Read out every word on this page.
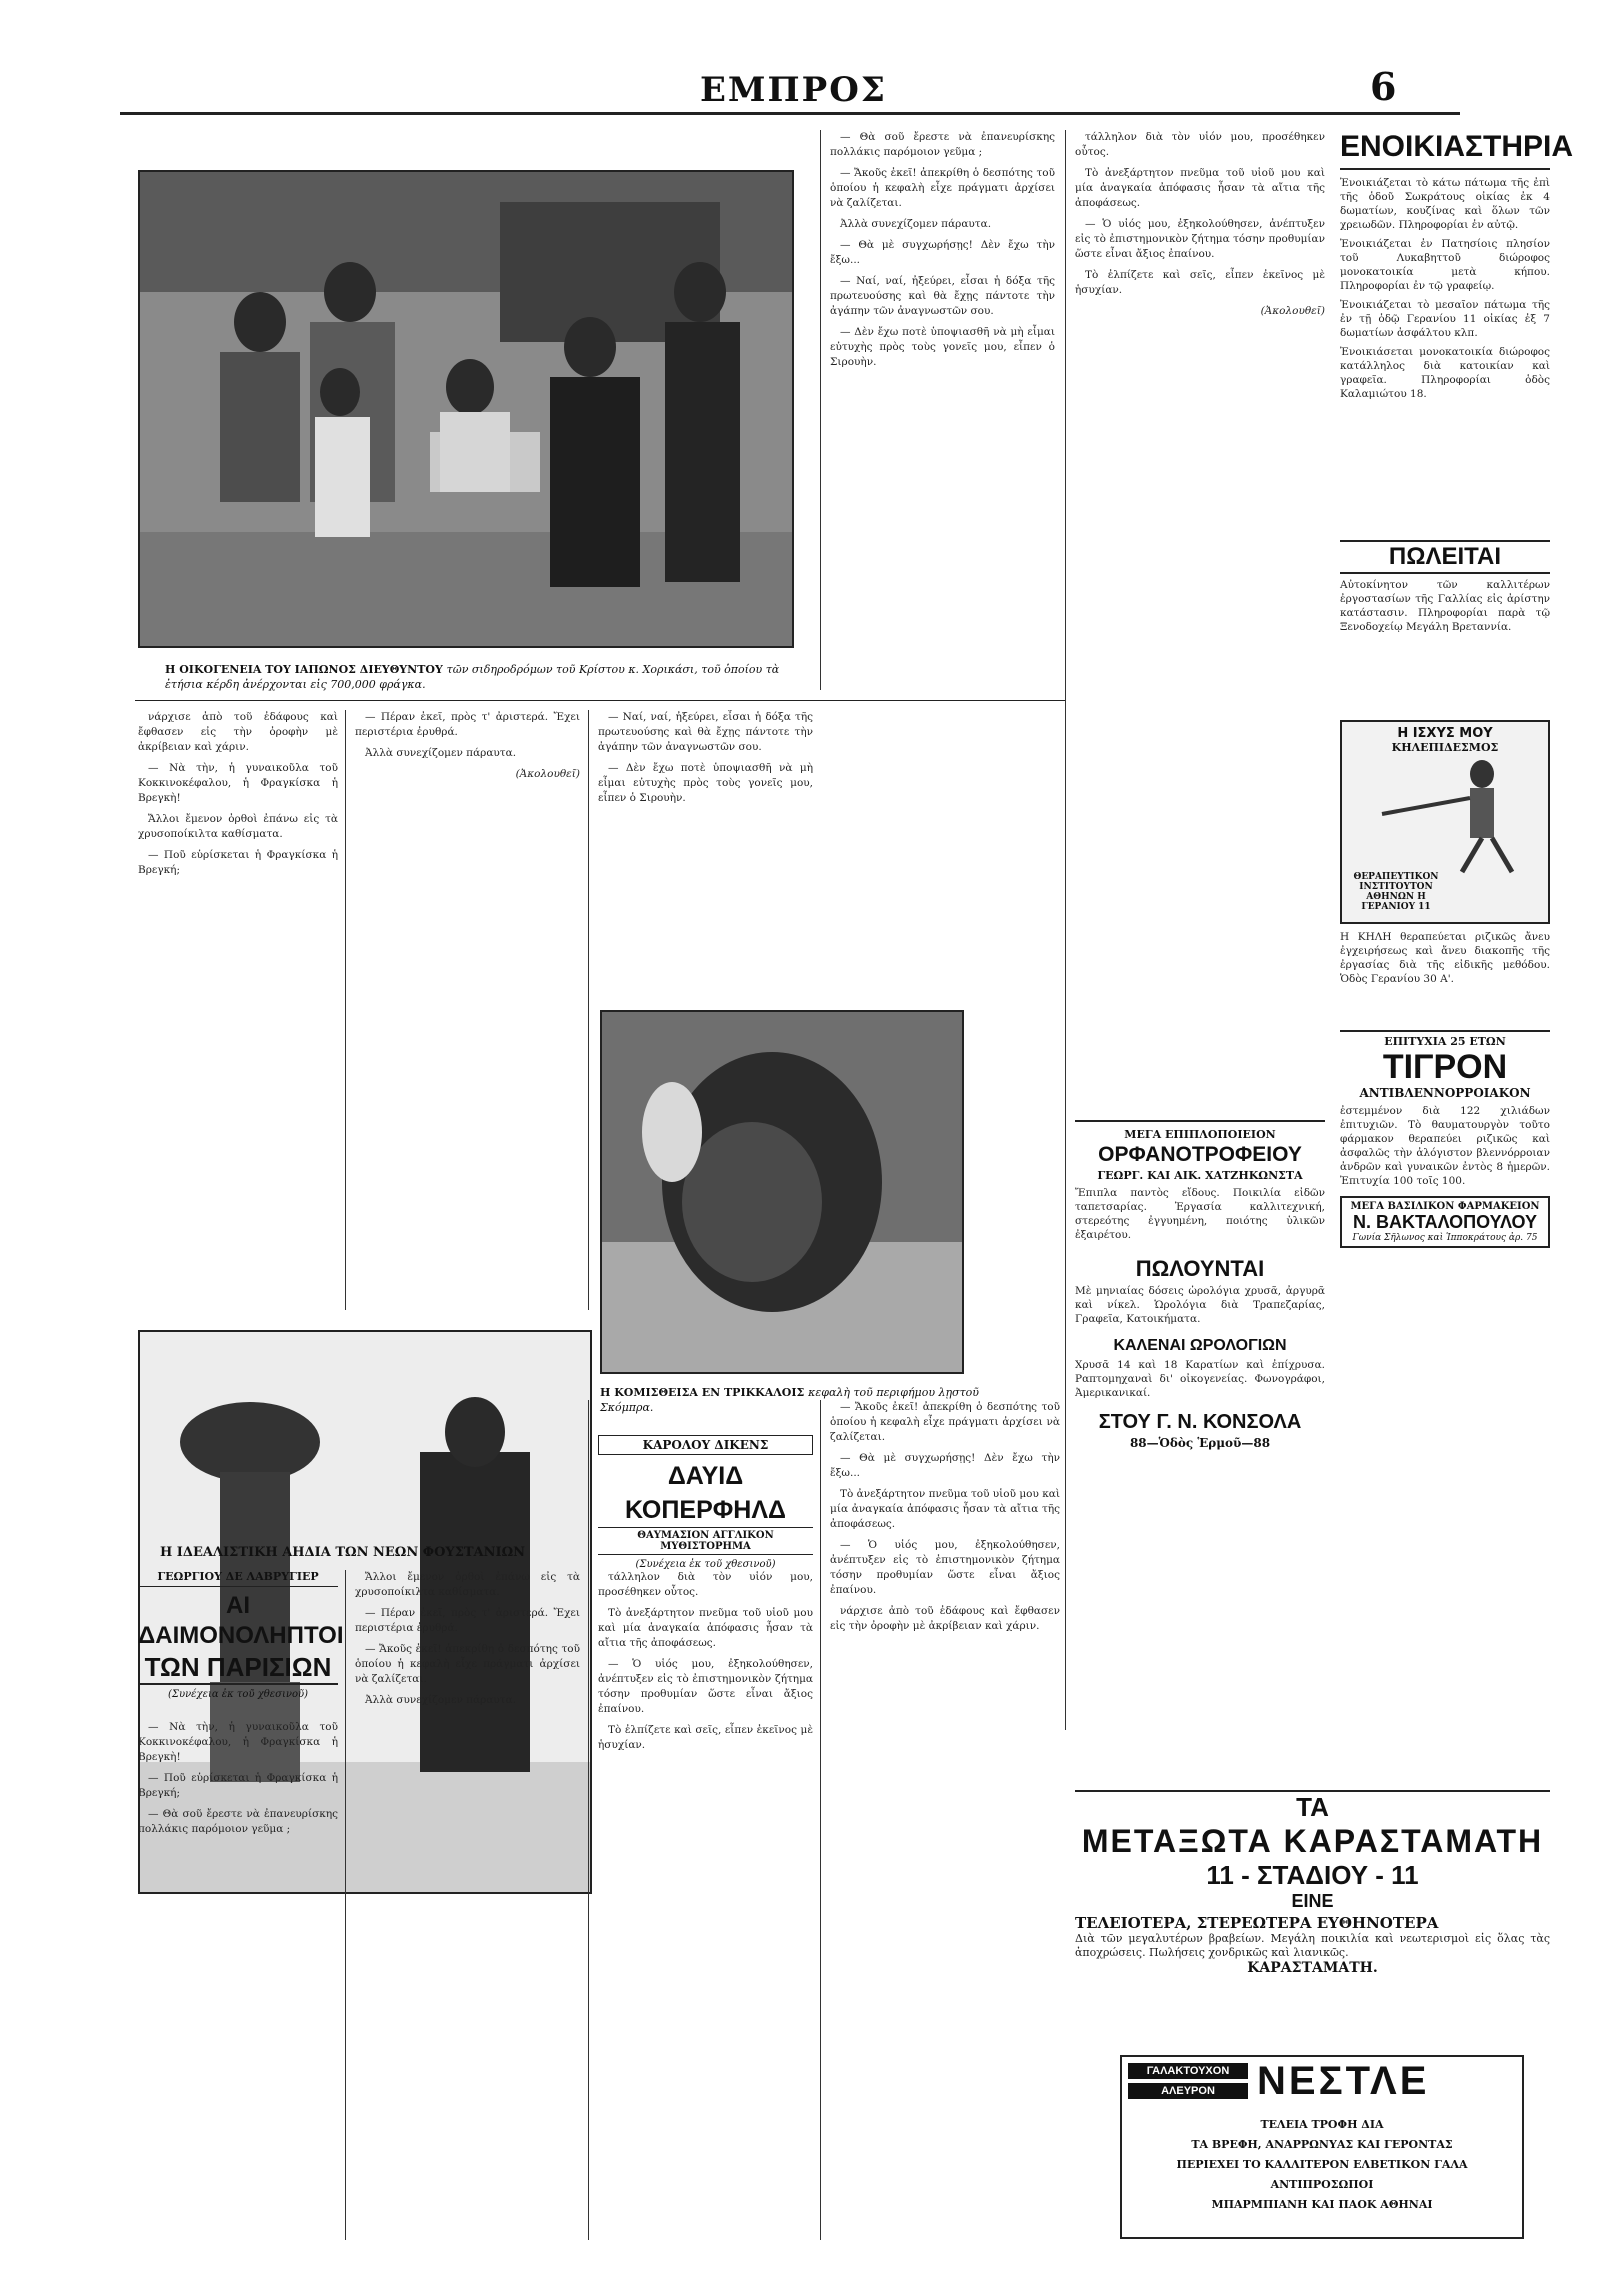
ΕΜΠΡΟΣ	6
Η ΟΙΚΟΓΕΝΕΙΑ ΤΟΥ ΙΑΠΩΝΟΣ ΔΙΕΥΘΥΝΤΟΥ τῶν σιδηροδρόμων τοῦ Κρίστου κ. Χορικάσι, τοῦ ὁποίου τὰ ἐτήσια κέρδη ἀνέρχονται εἰς 700,000 φράγκα.
ΕΝΟΙΚΙΑΣΤΗΡΙΑ

Ἐνοικιάζεται τὸ κάτω πάτωμα τῆς ἐπὶ τῆς ὁδοῦ Σωκράτους οἰκίας ἐκ 4 δωματίων, κουζίνας καὶ ὅλων τῶν χρειωδῶν. Πληροφορίαι ἐν αὐτῷ.

Ἐνοικιάζεται ἐν Πατησίοις πλησίον τοῦ Λυκαβηττοῦ διώροφος μονοκατοικία μετὰ κήπου. Πληροφορίαι ἐν τῷ γραφείῳ.

Ἐνοικιάζεται τὸ μεσαῖον πάτωμα τῆς ἐν τῇ ὁδῷ Γερανίου 11 οἰκίας ἐξ 7 δωματίων ἀσφάλτου κλπ.

Ἐνοικιάσεται μονοκατοικία διώροφος κατάλληλος διὰ κατοικίαν καὶ γραφεῖα. Πληροφορίαι ὁδὸς Καλαμιώτου 18.

— Θὰ σοῦ ἔρεστε νὰ ἐπανευρίσκης πολλάκις παρόμοιον γεῦμα ;

— Ἄκοῦς ἐκεῖ! ἀπεκρίθη ὁ δεσπότης τοῦ ὁποίου ἡ κεφαλὴ εἶχε πράγματι ἀρχίσει νὰ ζαλίζεται.

Ἀλλὰ συνεχίζομεν πάραυτα.

— Θὰ μὲ συγχωρήσῃς! Δὲν ἔχω τὴν ἔξω...

— Ναί, ναί, ἠξεύρει, εἶσαι ἡ δόξα τῆς πρωτευούσης καὶ θὰ ἔχῃς πάντοτε τὴν ἀγάπην τῶν ἀναγνωστῶν σου.

— Δὲν ἔχω ποτὲ ὑποψιασθῆ νὰ μὴ εἶμαι εὐτυχὴς πρὸς τοὺς γονεῖς μου, εἶπεν ὁ Σιρουὴν.

τάλληλον διὰ τὸν υἱόν μου, προσέθηκεν οὗτος.

Τὸ ἀνεξάρτητον πνεῦμα τοῦ υἱοῦ μου καὶ μία ἀναγκαία ἀπόφασις ἦσαν τὰ αἴτια τῆς ἀποφάσεως.

— Ὁ υἱός μου, ἐξηκολούθησεν, ἀνέπτυξεν εἰς τὸ ἐπιστημονικὸν ζήτημα τόσην προθυμίαν ὥστε εἶναι ἄξιος ἐπαίνου.

Τὸ ἐλπίζετε καὶ σεῖς, εἶπεν ἐκεῖνος μὲ ἡσυχίαν.

(Ἀκολουθεῖ)

νάρχισε ἀπὸ τοῦ ἐδάφους καὶ ἔφθασεν εἰς τὴν ὀροφὴν μὲ ἀκρίβειαν καὶ χάριν.

— Νὰ τὴν, ἡ γυναικοῦλα τοῦ Κοκκινοκέφαλου, ἡ Φραγκίσκα ἡ Βρεγκὴ!

Ἄλλοι ἔμενον ὀρθοὶ ἐπάνω εἰς τὰ χρυσοποίκιλτα καθίσματα.

— Ποῦ εὑρίσκεται ἡ Φραγκίσκα ἡ Βρεγκή;

— Πέραν ἐκεῖ, πρὸς τ' ἀριστερά. Ἔχει περιστέρια ἐρυθρά.

Ἀλλὰ συνεχίζομεν πάραυτα.

(Ἀκολουθεῖ)

— Ναί, ναί, ἠξεύρει, εἶσαι ἡ δόξα τῆς πρωτευούσης καὶ θὰ ἔχῃς πάντοτε τὴν ἀγάπην τῶν ἀναγνωστῶν σου.

— Δὲν ἔχω ποτὲ ὑποψιασθῆ νὰ μὴ εἶμαι εὐτυχὴς πρὸς τοὺς γονεῖς μου, εἶπεν ὁ Σιρουὴν.

Η ΚΟΜΙΣΘΕΙΣΑ ΕΝ ΤΡΙΚΚΑΛΟΙΣ κεφαλὴ τοῦ περιφήμου λῃστοῦ Σκόμπρα.
Η ΙΔΕΑΛΙΣΤΙΚΗ ΑΗΔΙΑ ΤΩΝ ΝΕΩΝ ΦΟΥΣΤΑΝΙΩΝ
ΓΕΩΡΓΙΟΥ ΔΕ ΛΑΒΡΥΓΙΕΡ
ΑΙ ΔΑΙΜΟΝΟΛΗΠΤΟΙ
ΤΩΝ ΠΑΡΙΣΙΩΝ
(Συνέχεια ἐκ τοῦ χθεσινοῦ)

— Νὰ τὴν, ἡ γυναικοῦλα τοῦ Κοκκινοκέφαλου, ἡ Φραγκίσκα ἡ Βρεγκὴ!

— Ποῦ εὑρίσκεται ἡ Φραγκίσκα ἡ Βρεγκή;

— Θὰ σοῦ ἔρεστε νὰ ἐπανευρίσκης πολλάκις παρόμοιον γεῦμα ;

Ἄλλοι ἔμενον ὀρθοὶ ἐπάνω εἰς τὰ χρυσοποίκιλτα καθίσματα.

— Πέραν ἐκεῖ, πρὸς τ' ἀριστερά. Ἔχει περιστέρια ἐρυθρά.

— Ἄκοῦς ἐκεῖ! ἀπεκρίθη ὁ δεσπότης τοῦ ὁποίου ἡ κεφαλὴ εἶχε πράγματι ἀρχίσει νὰ ζαλίζεται.

Ἀλλὰ συνεχίζομεν πάραυτα.

ΚΑΡΟΛΟΥ ΔΙΚΕΝΣ
ΔΑΥΙΔ ΚΟΠΕΡΦΗΛΔ
ΘΑΥΜΑΣΙΟΝ ΑΓΓΛΙΚΟΝ ΜΥΘΙΣΤΟΡΗΜΑ
(Συνέχεια ἐκ τοῦ χθεσινοῦ)

τάλληλον διὰ τὸν υἱόν μου, προσέθηκεν οὗτος.

Τὸ ἀνεξάρτητον πνεῦμα τοῦ υἱοῦ μου καὶ μία ἀναγκαία ἀπόφασις ἦσαν τὰ αἴτια τῆς ἀποφάσεως.

— Ὁ υἱός μου, ἐξηκολούθησεν, ἀνέπτυξεν εἰς τὸ ἐπιστημονικὸν ζήτημα τόσην προθυμίαν ὥστε εἶναι ἄξιος ἐπαίνου.

Τὸ ἐλπίζετε καὶ σεῖς, εἶπεν ἐκεῖνος μὲ ἡσυχίαν.

— Ἄκοῦς ἐκεῖ! ἀπεκρίθη ὁ δεσπότης τοῦ ὁποίου ἡ κεφαλὴ εἶχε πράγματι ἀρχίσει νὰ ζαλίζεται.

— Θὰ μὲ συγχωρήσῃς! Δὲν ἔχω τὴν ἔξω...

Τὸ ἀνεξάρτητον πνεῦμα τοῦ υἱοῦ μου καὶ μία ἀναγκαία ἀπόφασις ἦσαν τὰ αἴτια τῆς ἀποφάσεως.

— Ὁ υἱός μου, ἐξηκολούθησεν, ἀνέπτυξεν εἰς τὸ ἐπιστημονικὸν ζήτημα τόσην προθυμίαν ὥστε εἶναι ἄξιος ἐπαίνου.

νάρχισε ἀπὸ τοῦ ἐδάφους καὶ ἔφθασεν εἰς τὴν ὀροφὴν μὲ ἀκρίβειαν καὶ χάριν.

ΜΕΓΑ ΕΠΙΠΛΟΠΟΙΕΙΟΝ
ΟΡΦΑΝΟΤΡΟΦΕΙΟΥ
ΓΕΩΡΓ. ΚΑΙ ΑΙΚ. ΧΑΤΖΗΚΩΝΣΤΑ
Ἔπιπλα παντὸς εἴδους. Ποικιλία εἰδῶν ταπετσαρίας. Ἐργασία καλλιτεχνική, στερεότης ἐγγυημένη, ποιότης ὑλικῶν ἐξαιρέτου.
ΠΩΛΟΥΝΤΑΙ
Μὲ μηνιαίας δόσεις ὡρολόγια χρυσᾶ, ἀργυρᾶ καὶ νίκελ. Ὡρολόγια διὰ Τραπεζαρίας, Γραφεῖα, Κατοικήματα.
ΚΑΛΕΝΑΙ ΩΡΟΛΟΓΙΩΝ
Χρυσᾶ 14 καὶ 18 Καρατίων καὶ ἐπίχρυσα. Ραπτομηχαναὶ δι' οἰκογενείας. Φωνογράφοι, Ἀμερικανικαί.
ΣΤΟΥ Γ. Ν. ΚΟΝΣΟΛΑ
88—Ὁδὸς Ἑρμοῦ—88
ΠΩΛΕΙΤΑΙ
Αὐτοκίνητον τῶν καλλιτέρων ἐργοστασίων τῆς Γαλλίας εἰς ἀρίστην κατάστασιν. Πληροφορίαι παρὰ τῷ Ξενοδοχείῳ Μεγάλη Βρεταννία.
Η ΙΣΧΥΣ ΜΟΥ
ΚΗΛΕΠΙΔΕΣΜΟΣ
ΘΕΡΑΠΕΥΤΙΚΟΝ ΙΝΣΤΙΤΟΥΤΟΝ ΑΘΗΝΩΝ Η ΓΕΡΑΝΙΟΥ 11
Η ΚΗΛΗ θεραπεύεται ριζικῶς ἄνευ ἐγχειρήσεως καὶ ἄνευ διακοπῆς τῆς ἐργασίας διὰ τῆς εἰδικῆς μεθόδου. Ὁδὸς Γερανίου 30 Α'.
ΕΠΙΤΥΧΙΑ 25 ΕΤΩΝ
ΤΙΓΡΟΝ
ΑΝΤΙΒΛΕΝΝΟΡΡΟΙΑΚΟΝ
ἐστεμμένον διὰ 122 χιλιάδων ἐπιτυχιῶν. Τὸ θαυματουργὸν τοῦτο φάρμακον θεραπεύει ριζικῶς καὶ ἀσφαλῶς τὴν ἀλόγιστον βλεννόρροιαν ἀνδρῶν καὶ γυναικῶν ἐντὸς 8 ἡμερῶν. Ἐπιτυχία 100 τοῖς 100.
ΜΕΓΑ ΒΑΣΙΛΙΚΟΝ ΦΑΡΜΑΚΕΙΟΝ
Ν. ΒΑΚΤΑΛΟΠΟΥΛΟΥ
Γωνία Σῆλωνος καὶ Ἱπποκράτους ἀρ. 75
ΤΑ
ΜΕΤΑΞΩΤΑ ΚΑΡΑΣΤΑΜΑΤΗ
11 - ΣΤΑΔΙΟΥ - 11
ΕΙΝΕ
ΤΕΛΕΙΟΤΕΡΑ, ΣΤΕΡΕΩΤΕΡΑ ΕΥΘΗΝΟΤΕΡΑ
Διὰ τῶν μεγαλυτέρων βραβείων. Μεγάλη ποικιλία καὶ νεωτερισμοὶ εἰς ὅλας τὰς ἀποχρώσεις. Πωλήσεις χονδρικῶς καὶ λιανικῶς.
ΚΑΡΑΣΤΑΜΑΤΗ.
ΓΑΛΑΚΤΟΥΧΟΝ
ΑΛΕΥΡΟΝ	ΝΕΣΤΛΕ
ΤΕΛΕΙΑ ΤΡΟΦΗ ΔΙΑ
ΤΑ ΒΡΕΦΗ, ΑΝΑΡΡΩΝΥΑΣ ΚΑΙ ΓΕΡΟΝΤΑΣ
ΠΕΡΙΕΧΕΙ ΤΟ ΚΑΛΛΙΤΕΡΟΝ ΕΛΒΕΤΙΚΟΝ ΓΑΛΑ
ΑΝΤΙΠΡΟΣΩΠΟΙ
ΜΠΑΡΜΠΙΑΝΗ ΚΑΙ ΠΑΟΚ ΑΘΗΝΑΙ
